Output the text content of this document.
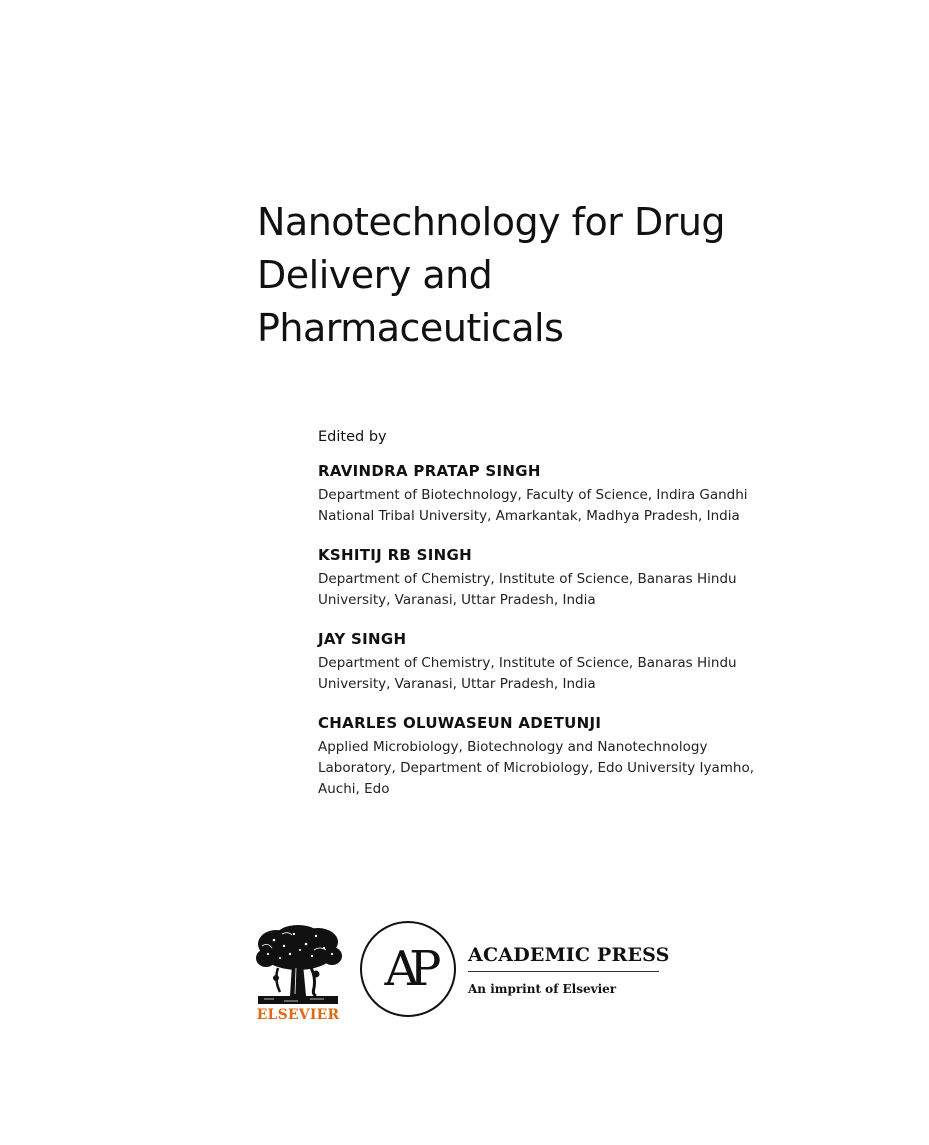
Nanotechnology for Drug
Delivery and
Pharmaceuticals
Edited by
RAVINDRA PRATAP SINGH
Department of Biotechnology, Faculty of Science, Indira Gandhi
National Tribal University, Amarkantak, Madhya Pradesh, India
KSHITIJ RB SINGH
Department of Chemistry, Institute of Science, Banaras Hindu
University, Varanasi, Uttar Pradesh, India
JAY SINGH
Department of Chemistry, Institute of Science, Banaras Hindu
University, Varanasi, Uttar Pradesh, India
CHARLES OLUWASEUN ADETUNJI
Applied Microbiology, Biotechnology and Nanotechnology
Laboratory, Department of Microbiology, Edo University Iyamho,
Auchi, Edo
ELSEVIER
AP	ACADEMIC PRESS
An imprint of Elsevier
